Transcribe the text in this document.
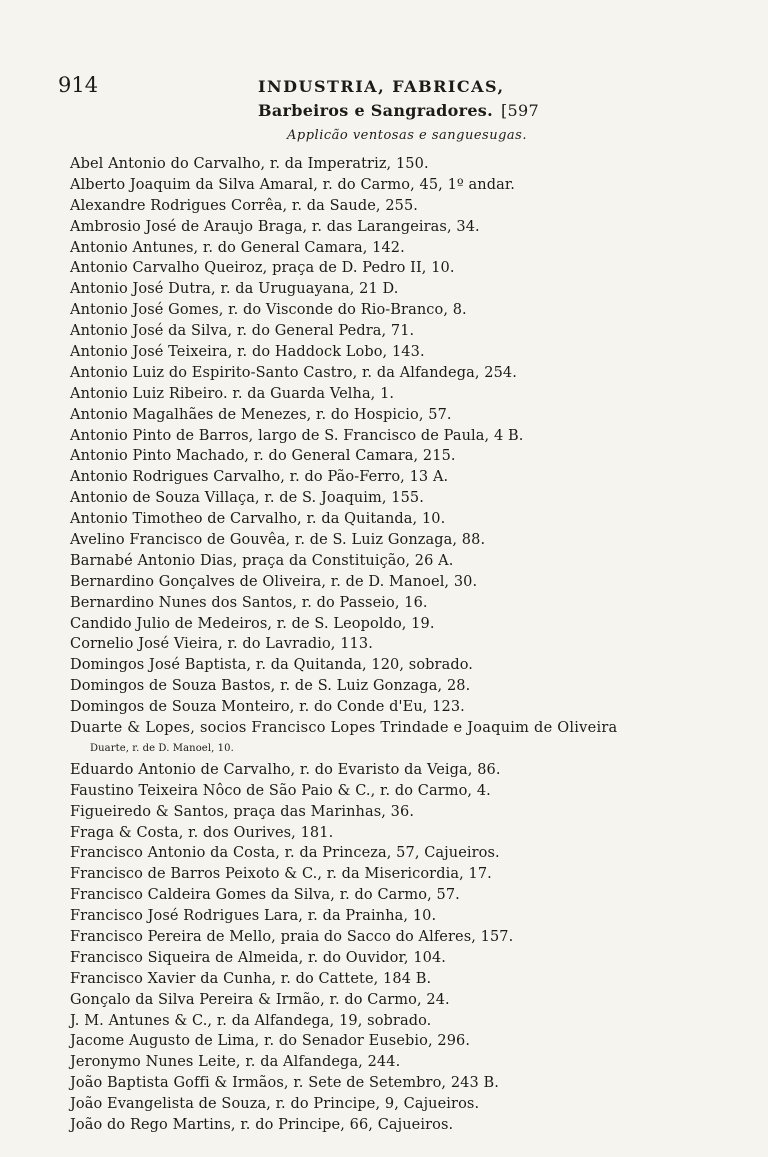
914	INDUSTRIA, FABRICAS,
Barbeiros e Sangradores. [597
Applicão ventosas e sanguesugas.
Abel Antonio do Carvalho, r. da Imperatriz, 150.
Alberto Joaquim da Silva Amaral, r. do Carmo, 45, 1º andar.
Alexandre Rodrigues Corrêa, r. da Saude, 255.
Ambrosio José de Araujo Braga, r. das Larangeiras, 34.
Antonio Antunes, r. do General Camara, 142.
Antonio Carvalho Queiroz, praça de D. Pedro II, 10.
Antonio José Dutra, r. da Uruguayana, 21 D.
Antonio José Gomes, r. do Visconde do Rio-Branco, 8.
Antonio José da Silva, r. do General Pedra, 71.
Antonio José Teixeira, r. do Haddock Lobo, 143.
Antonio Luiz do Espirito-Santo Castro, r. da Alfandega, 254.
Antonio Luiz Ribeiro. r. da Guarda Velha, 1.
Antonio Magalhães de Menezes, r. do Hospicio, 57.
Antonio Pinto de Barros, largo de S. Francisco de Paula, 4 B.
Antonio Pinto Machado, r. do General Camara, 215.
Antonio Rodrigues Carvalho, r. do Pão-Ferro, 13 A.
Antonio de Souza Villaça, r. de S. Joaquim, 155.
Antonio Timotheo de Carvalho, r. da Quitanda, 10.
Avelino Francisco de Gouvêa, r. de S. Luiz Gonzaga, 88.
Barnabé Antonio Dias, praça da Constituição, 26 A.
Bernardino Gonçalves de Oliveira, r. de D. Manoel, 30.
Bernardino Nunes dos Santos, r. do Passeio, 16.
Candido Julio de Medeiros, r. de S. Leopoldo, 19.
Cornelio José Vieira, r. do Lavradio, 113.
Domingos José Baptista, r. da Quitanda, 120, sobrado.
Domingos de Souza Bastos, r. de S. Luiz Gonzaga, 28.
Domingos de Souza Monteiro, r. do Conde d'Eu, 123.
Duarte & Lopes, socios Francisco Lopes Trindade e Joaquim de Oliveira
Duarte, r. de D. Manoel, 10.
Eduardo Antonio de Carvalho, r. do Evaristo da Veiga, 86.
Faustino Teixeira Nôco de São Paio & C., r. do Carmo, 4.
Figueiredo & Santos, praça das Marinhas, 36.
Fraga & Costa, r. dos Ourives, 181.
Francisco Antonio da Costa, r. da Princeza, 57, Cajueiros.
Francisco de Barros Peixoto & C., r. da Misericordia, 17.
Francisco Caldeira Gomes da Silva, r. do Carmo, 57.
Francisco José Rodrigues Lara, r. da Prainha, 10.
Francisco Pereira de Mello, praia do Sacco do Alferes, 157.
Francisco Siqueira de Almeida, r. do Ouvidor, 104.
Francisco Xavier da Cunha, r. do Cattete, 184 B.
Gonçalo da Silva Pereira & Irmão, r. do Carmo, 24.
J. M. Antunes & C., r. da Alfandega, 19, sobrado.
Jacome Augusto de Lima, r. do Senador Eusebio, 296.
Jeronymo Nunes Leite, r. da Alfandega, 244.
João Baptista Goffi & Irmãos, r. Sete de Setembro, 243 B.
João Evangelista de Souza, r. do Principe, 9, Cajueiros.
João do Rego Martins, r. do Principe, 66, Cajueiros.
